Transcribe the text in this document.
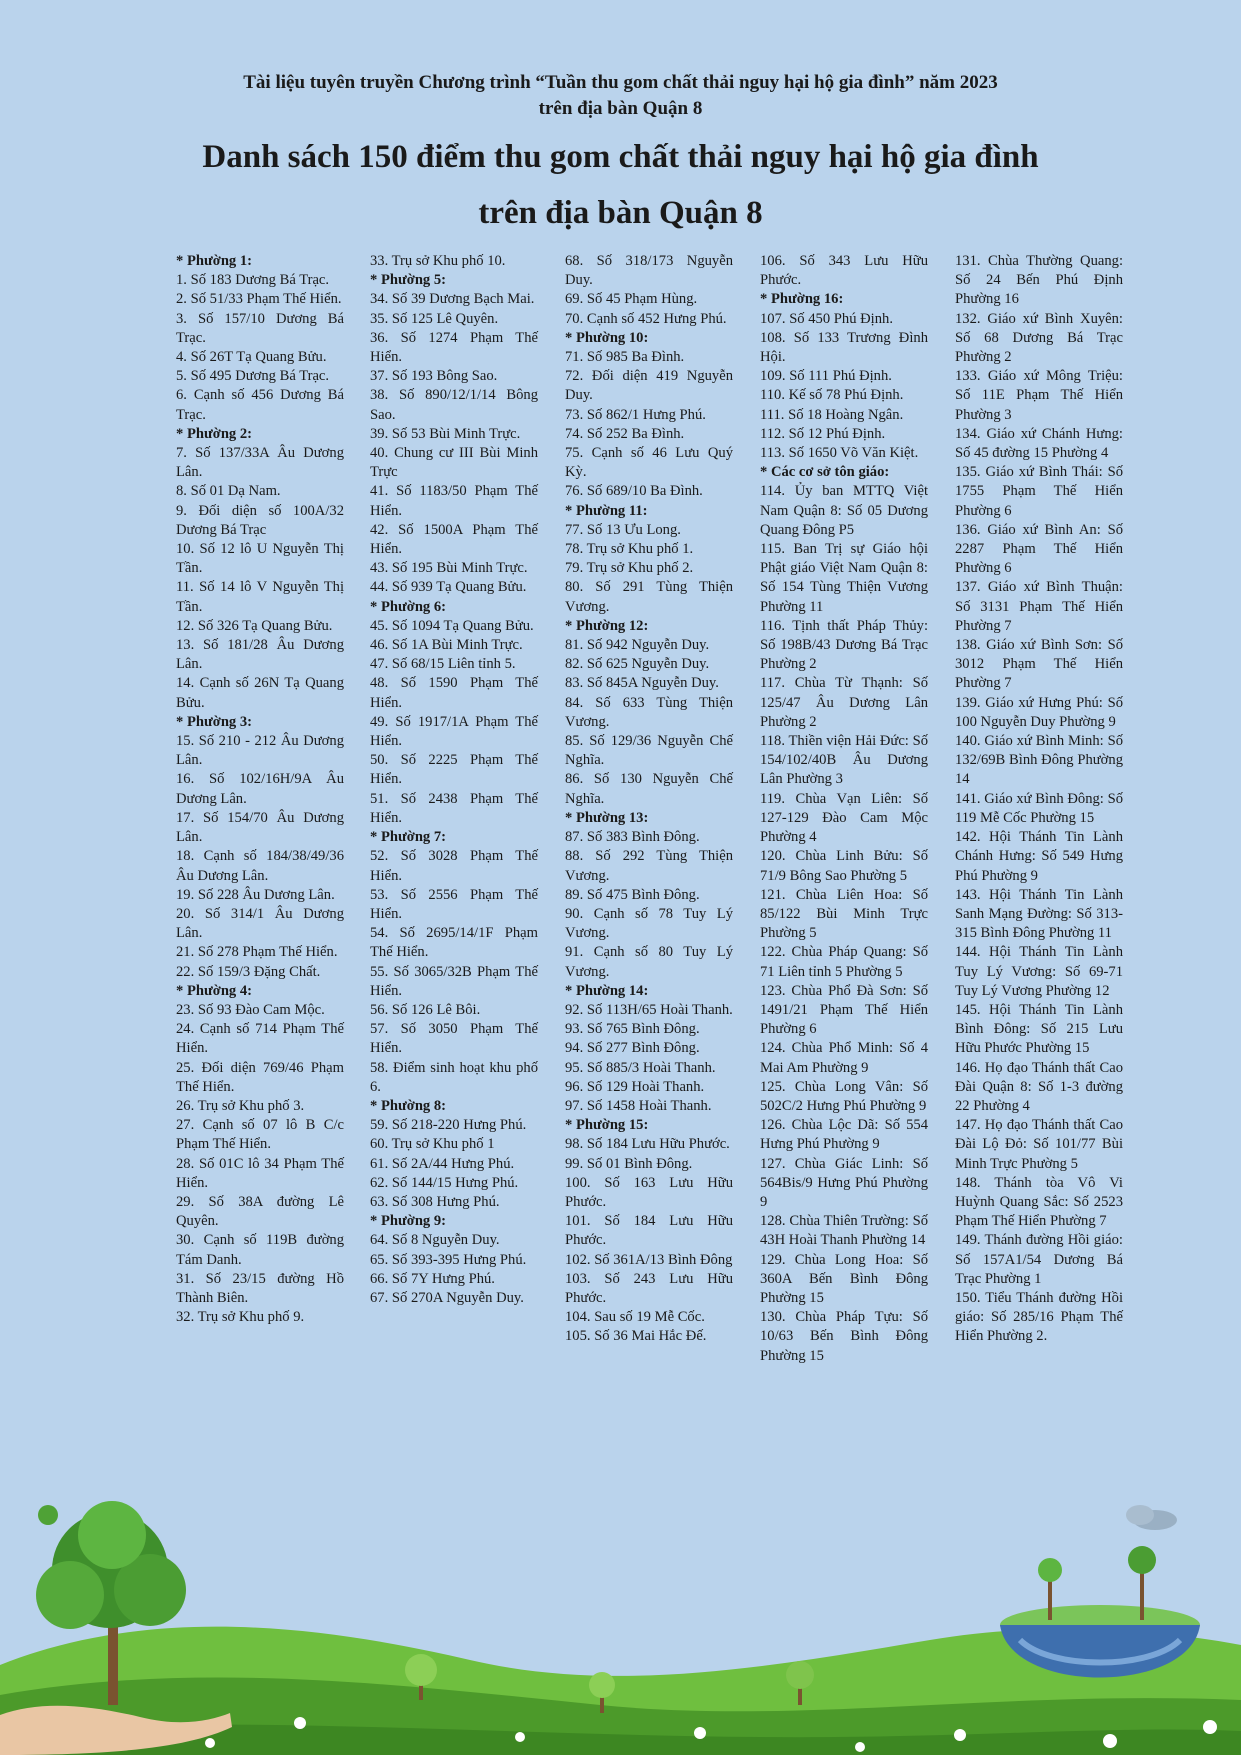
Tài liệu tuyên truyền Chương trình “Tuần thu gom chất thải nguy hại hộ gia đình” năm 2023
trên địa bàn Quận 8
Danh sách 150 điểm thu gom chất thải nguy hại hộ gia đình
trên địa bàn Quận 8

* Phường 1:

1. Số 183 Dương Bá Trạc.

2. Số 51/33 Phạm Thế Hiển.

3. Số 157/10 Dương Bá Trạc.

4. Số 26T Tạ Quang Bửu.

5. Số 495 Dương Bá Trạc.

6. Cạnh số 456 Dương Bá Trạc.

* Phường 2:

7. Số 137/33A Âu Dương Lân.

8. Số 01 Dạ Nam.

9. Đối diện số 100A/32 Dương Bá Trạc

10. Số 12 lô U Nguyễn Thị Tần.

11. Số 14 lô V Nguyễn Thị Tần.

12. Số 326 Tạ Quang Bửu.

13. Số 181/28 Âu Dương Lân.

14. Cạnh số 26N Tạ Quang Bửu.

* Phường 3:

15. Số 210 - 212 Âu Dương Lân.

16. Số 102/16H/9A Âu Dương Lân.

17. Số 154/70 Âu Dương Lân.

18. Cạnh số 184/38/49/36 Âu Dương Lân.

19. Số 228 Âu Dương Lân.

20. Số 314/1 Âu Dương Lân.

21. Số 278 Phạm Thế Hiển.

22. Số 159/3 Đặng Chất.

* Phường 4:

23. Số 93 Đào Cam Mộc.

24. Cạnh số 714 Phạm Thế Hiển.

25. Đối diện 769/46 Phạm Thế Hiển.

26. Trụ sở Khu phố 3.

27. Cạnh số 07 lô B C/c Phạm Thế Hiển.

28. Số 01C lô 34 Phạm Thế Hiển.

29. Số 38A đường Lê Quyên.

30. Cạnh số 119B đường Tám Danh.

31. Số 23/15 đường Hồ Thành Biên.

32. Trụ sở Khu phố 9.

33. Trụ sở Khu phố 10.

* Phường 5:

34. Số 39 Dương Bạch Mai.

35. Số 125 Lê Quyên.

36. Số 1274 Phạm Thế Hiển.

37. Số 193 Bông Sao.

38. Số 890/12/1/14 Bông Sao.

39. Số 53 Bùi Minh Trực.

40. Chung cư III Bùi Minh Trực

41. Số 1183/50 Phạm Thế Hiển.

42. Số 1500A Phạm Thế Hiển.

43. Số 195 Bùi Minh Trực.

44. Số 939 Tạ Quang Bửu.

* Phường 6:

45. Số 1094 Tạ Quang Bửu.

46. Số 1A Bùi Minh Trực.

47. Số 68/15 Liên tỉnh 5.

48. Số 1590 Phạm Thế Hiển.

49. Số 1917/1A Phạm Thế Hiển.

50. Số 2225 Phạm Thế Hiển.

51. Số 2438 Phạm Thế Hiển.

* Phường 7:

52. Số 3028 Phạm Thế Hiển.

53. Số 2556 Phạm Thế Hiển.

54. Số 2695/14/1F Phạm Thế Hiển.

55. Số 3065/32B Phạm Thế Hiển.

56. Số 126 Lê Bôi.

57. Số 3050 Phạm Thế Hiển.

58. Điểm sinh hoạt khu phố 6.

* Phường 8:

59. Số 218-220 Hưng Phú.

60. Trụ sở Khu phố 1

61. Số 2A/44 Hưng Phú.

62. Số 144/15 Hưng Phú.

63. Số 308 Hưng Phú.

* Phường 9:

64. Số 8 Nguyễn Duy.

65. Số 393-395 Hưng Phú.

66. Số 7Y Hưng Phú.

67. Số 270A Nguyễn Duy.

68. Số 318/173 Nguyễn Duy.

69. Số 45 Phạm Hùng.

70. Cạnh số 452 Hưng Phú.

* Phường 10:

71. Số 985 Ba Đình.

72. Đối diện 419 Nguyễn Duy.

73. Số 862/1 Hưng Phú.

74. Số 252 Ba Đình.

75. Cạnh số 46 Lưu Quý Kỳ.

76. Số 689/10 Ba Đình.

* Phường 11:

77. Số 13 Ưu Long.

78. Trụ sở Khu phố 1.

79. Trụ sở Khu phố 2.

80. Số 291 Tùng Thiện Vương.

* Phường 12:

81. Số 942 Nguyễn Duy.

82. Số 625 Nguyễn Duy.

83. Số 845A Nguyễn Duy.

84. Số 633 Tùng Thiện Vương.

85. Số 129/36 Nguyễn Chế Nghĩa.

86. Số 130 Nguyễn Chế Nghĩa.

* Phường 13:

87. Số 383 Bình Đông.

88. Số 292 Tùng Thiện Vương.

89. Số 475 Bình Đông.

90. Cạnh số 78 Tuy Lý Vương.

91. Cạnh số 80 Tuy Lý Vương.

* Phường 14:

92. Số 113H/65 Hoài Thanh.

93. Số 765 Bình Đông.

94. Số 277 Bình Đông.

95. Số 885/3 Hoài Thanh.

96. Số 129 Hoài Thanh.

97. Số 1458 Hoài Thanh.

* Phường 15:

98. Số 184 Lưu Hữu Phước.

99. Số 01 Bình Đông.

100. Số 163 Lưu Hữu Phước.

101. Số 184 Lưu Hữu Phước.

102. Số 361A/13 Bình Đông

103. Số 243 Lưu Hữu Phước.

104. Sau số 19 Mễ Cốc.

105. Số 36 Mai Hắc Đế.

106. Số 343 Lưu Hữu Phước.

* Phường 16:

107. Số 450 Phú Định.

108. Số 133 Trương Đình Hội.

109. Số 111 Phú Định.

110. Kế số 78 Phú Định.

111. Số 18 Hoàng Ngân.

112. Số 12 Phú Định.

113. Số 1650 Võ Văn Kiệt.

* Các cơ sở tôn giáo:

114. Ủy ban MTTQ Việt Nam Quận 8: Số 05 Dương Quang Đông P5

115. Ban Trị sự Giáo hội Phật giáo Việt Nam Quận 8: Số 154 Tùng Thiện Vương Phường 11

116. Tịnh thất Pháp Thủy: Số 198B/43 Dương Bá Trạc Phường 2

117. Chùa Từ Thạnh: Số 125/47 Âu Dương Lân Phường 2

118. Thiền viện Hải Đức: Số 154/102/40B Âu Dương Lân Phường 3

119. Chùa Vạn Liên: Số 127-129 Đào Cam Mộc Phường 4

120. Chùa Linh Bửu: Số 71/9 Bông Sao Phường 5

121. Chùa Liên Hoa: Số 85/122 Bùi Minh Trực Phường 5

122. Chùa Pháp Quang: Số 71 Liên tỉnh 5 Phường 5

123. Chùa Phổ Đà Sơn: Số 1491/21 Phạm Thế Hiển Phường 6

124. Chùa Phổ Minh: Số 4 Mai Am Phường 9

125. Chùa Long Vân: Số 502C/2 Hưng Phú Phường 9

126. Chùa Lộc Dã: Số 554 Hưng Phú Phường 9

127. Chùa Giác Linh: Số 564Bis/9 Hưng Phú Phường 9

128. Chùa Thiên Trường: Số 43H Hoài Thanh Phường 14

129. Chùa Long Hoa: Số 360A Bến Bình Đông Phường 15

130. Chùa Pháp Tựu: Số 10/63 Bến Bình Đông Phường 15

131. Chùa Thường Quang: Số 24 Bến Phú Định Phường 16

132. Giáo xứ Bình Xuyên: Số 68 Dương Bá Trạc Phường 2

133. Giáo xứ Mông Triệu: Số 11E Phạm Thế Hiển Phường 3

134. Giáo xứ Chánh Hưng: Số 45 đường 15 Phường 4

135. Giáo xứ Bình Thái: Số 1755 Phạm Thế Hiển Phường 6

136. Giáo xứ Bình An: Số 2287 Phạm Thế Hiển Phường 6

137. Giáo xứ Bình Thuận: Số 3131 Phạm Thế Hiển Phường 7

138. Giáo xứ Bình Sơn: Số 3012 Phạm Thế Hiển Phường 7

139. Giáo xứ Hưng Phú: Số 100 Nguyễn Duy Phường 9

140. Giáo xứ Bình Minh: Số 132/69B Bình Đông Phường 14

141. Giáo xứ Bình Đông: Số 119 Mễ Cốc Phường 15

142. Hội Thánh Tin Lành Chánh Hưng: Số 549 Hưng Phú Phường 9

143. Hội Thánh Tin Lành Sanh Mạng Đường: Số 313-315 Bình Đông Phường 11

144. Hội Thánh Tin Lành Tuy Lý Vương: Số 69-71 Tuy Lý Vương Phường 12

145. Hội Thánh Tin Lành Bình Đông: Số 215 Lưu Hữu Phước Phường 15

146. Họ đạo Thánh thất Cao Đài Quận 8: Số 1-3 đường 22 Phường 4

147. Họ đạo Thánh thất Cao Đài Lộ Đỏ: Số 101/77 Bùi Minh Trực Phường 5

148. Thánh tòa Vô Vi Huỳnh Quang Sắc: Số 2523 Phạm Thế Hiển Phường 7

149. Thánh đường Hồi giáo: Số 157A1/54 Dương Bá Trạc Phường 1

150. Tiểu Thánh đường Hồi giáo: Số 285/16 Phạm Thế Hiển Phường 2.
